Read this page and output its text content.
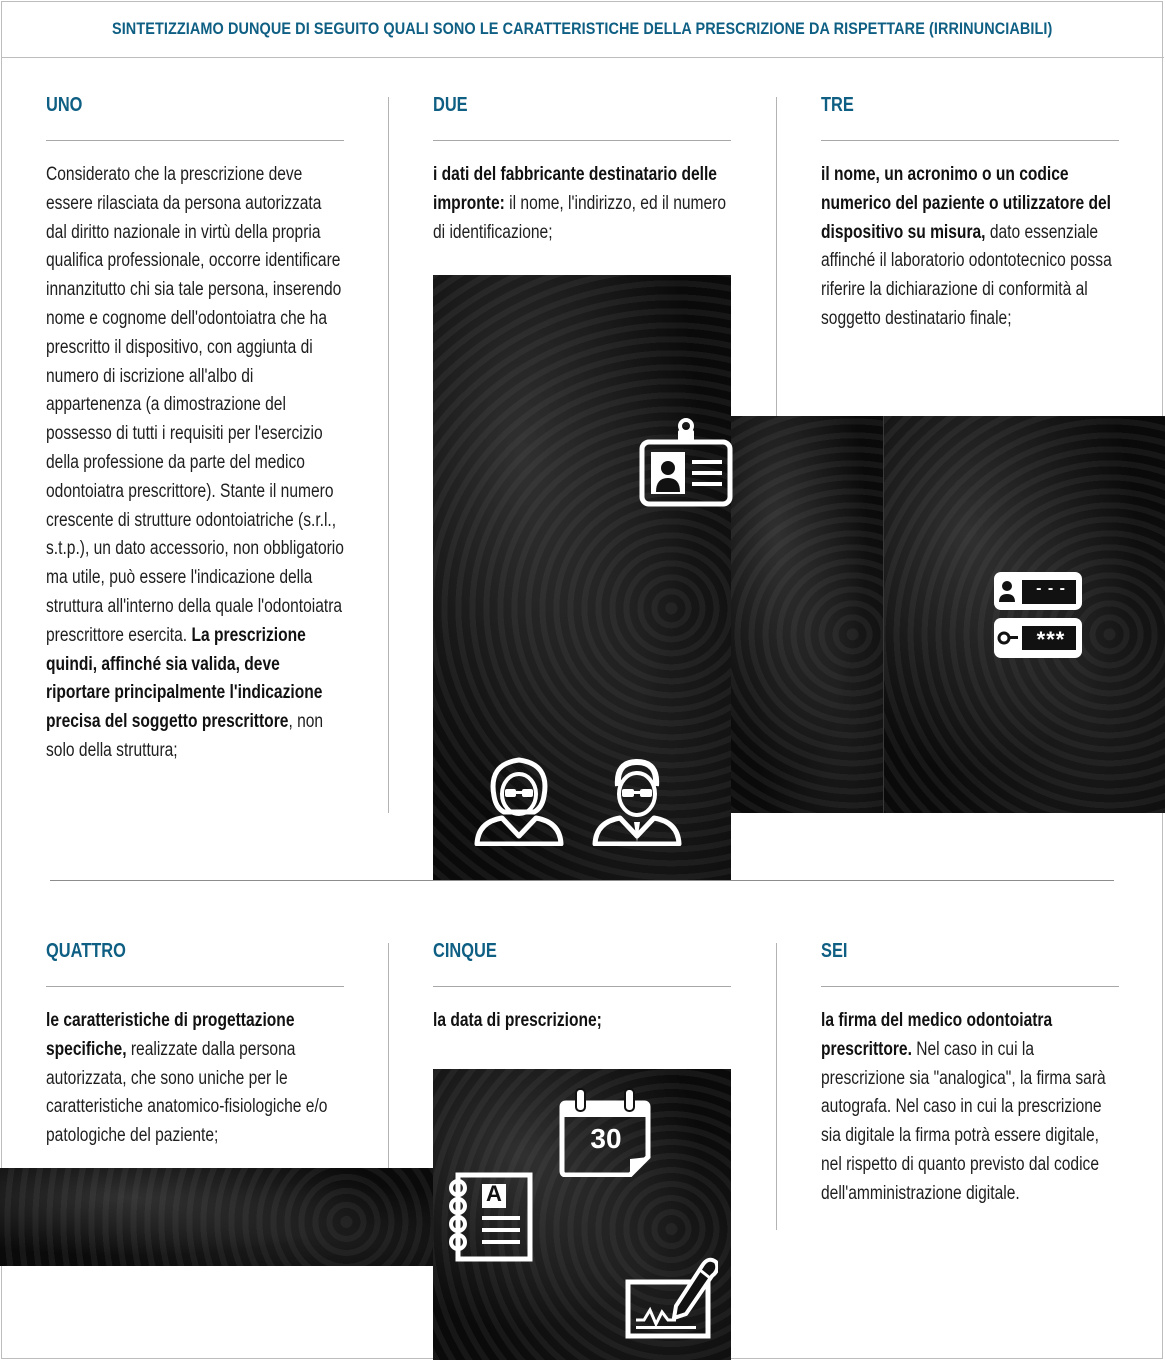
SINTETIZZIAMO DUNQUE DI SEGUITO QUALI SONO LE CARATTERISTICHE DELLA PRESCRIZIONE DA RISPETTARE (IRRINUNCIABILI)
UNO
Considerato che la prescrizione deve essere rilasciata da persona autorizzata dal diritto nazionale in virtù della propria qualifica professionale, occorre identificare innanzitutto chi sia tale persona, inserendo nome e cognome dell'odontoiatra che ha prescritto il dispositivo, con aggiunta di numero di iscrizione all'albo di appartenenza (a dimostrazione del possesso di tutti i requisiti per l'esercizio della professione da parte del medico odontoiatra prescrittore). Stante il numero crescente di strutture odontoiatriche (s.r.l., s.t.p.), un dato accessorio, non obbligatorio ma utile, può essere l'indicazione della struttura all'interno della quale l'odontoiatra prescrittore esercita. La prescrizione quindi, affinché sia valida, deve riportare principalmente l'indicazione precisa del soggetto prescrittore, non solo della struttura;
DUE
i dati del fabbricante destinatario delle impronte: il nome, l'indirizzo, ed il numero di identificazione;
TRE
il nome, un acronimo o un codice numerico del paziente o utilizzatore del dispositivo su misura, dato essenziale affinché il laboratorio odontotecnico possa riferire la dichiarazione di conformità al soggetto destinatario finale;
QUATTRO
le caratteristiche di progettazione specifiche, realizzate dalla persona autorizzata, che sono uniche per le caratteristiche anatomico-fisiologiche e/o patologiche del paziente;
CINQUE
la data di prescrizione;
SEI
la firma del medico odontoiatra prescrittore. Nel caso in cui la prescrizione sia "analogica", la firma sarà autografa. Nel caso in cui la prescrizione sia digitale la firma potrà essere digitale, nel rispetto di quanto previsto dal codice dell'amministrazione digitale.
- - -
***
30
A
